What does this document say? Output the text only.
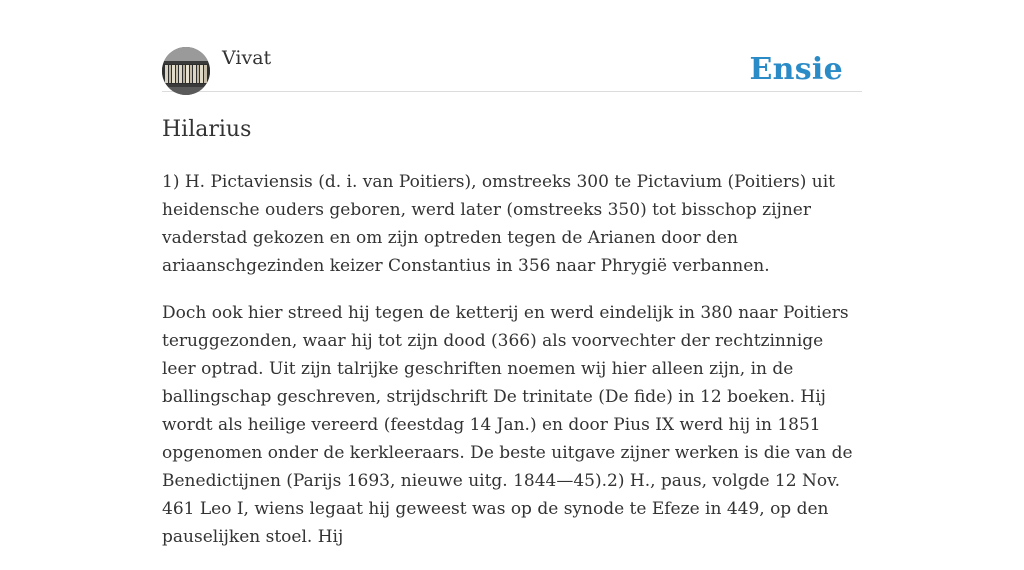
Vivat	Ensie
Hilarius

1) H. Pictaviensis (d. i. van Poitiers), omstreeks 300 te Pictavium (Poitiers) uit heidensche ouders geboren, werd later (omstreeks 350) tot bisschop zijner vaderstad gekozen en om zijn optreden tegen de Arianen door den ariaanschgezinden keizer Constantius in 356 naar Phrygië verbannen.

Doch ook hier streed hij tegen de ketterij en werd eindelijk in 380 naar Poitiers teruggezonden, waar hij tot zijn dood (366) als voorvechter der rechtzinnige leer optrad. Uit zijn talrijke geschriften noemen wij hier alleen zijn, in de ballingschap geschreven, strijdschrift De trinitate (De fide) in 12 boeken. Hij wordt als heilige vereerd (feestdag 14 Jan.) en door Pius IX werd hij in 1851 opgenomen onder de kerkleeraars. De beste uitgave zijner werken is die van de Benedictijnen (Parijs 1693, nieuwe uitg. 1844—45).2) H., paus, volgde 12 Nov. 461 Leo I, wiens legaat hij geweest was op de synode te Efeze in 449, op den pauselijken stoel. Hij
